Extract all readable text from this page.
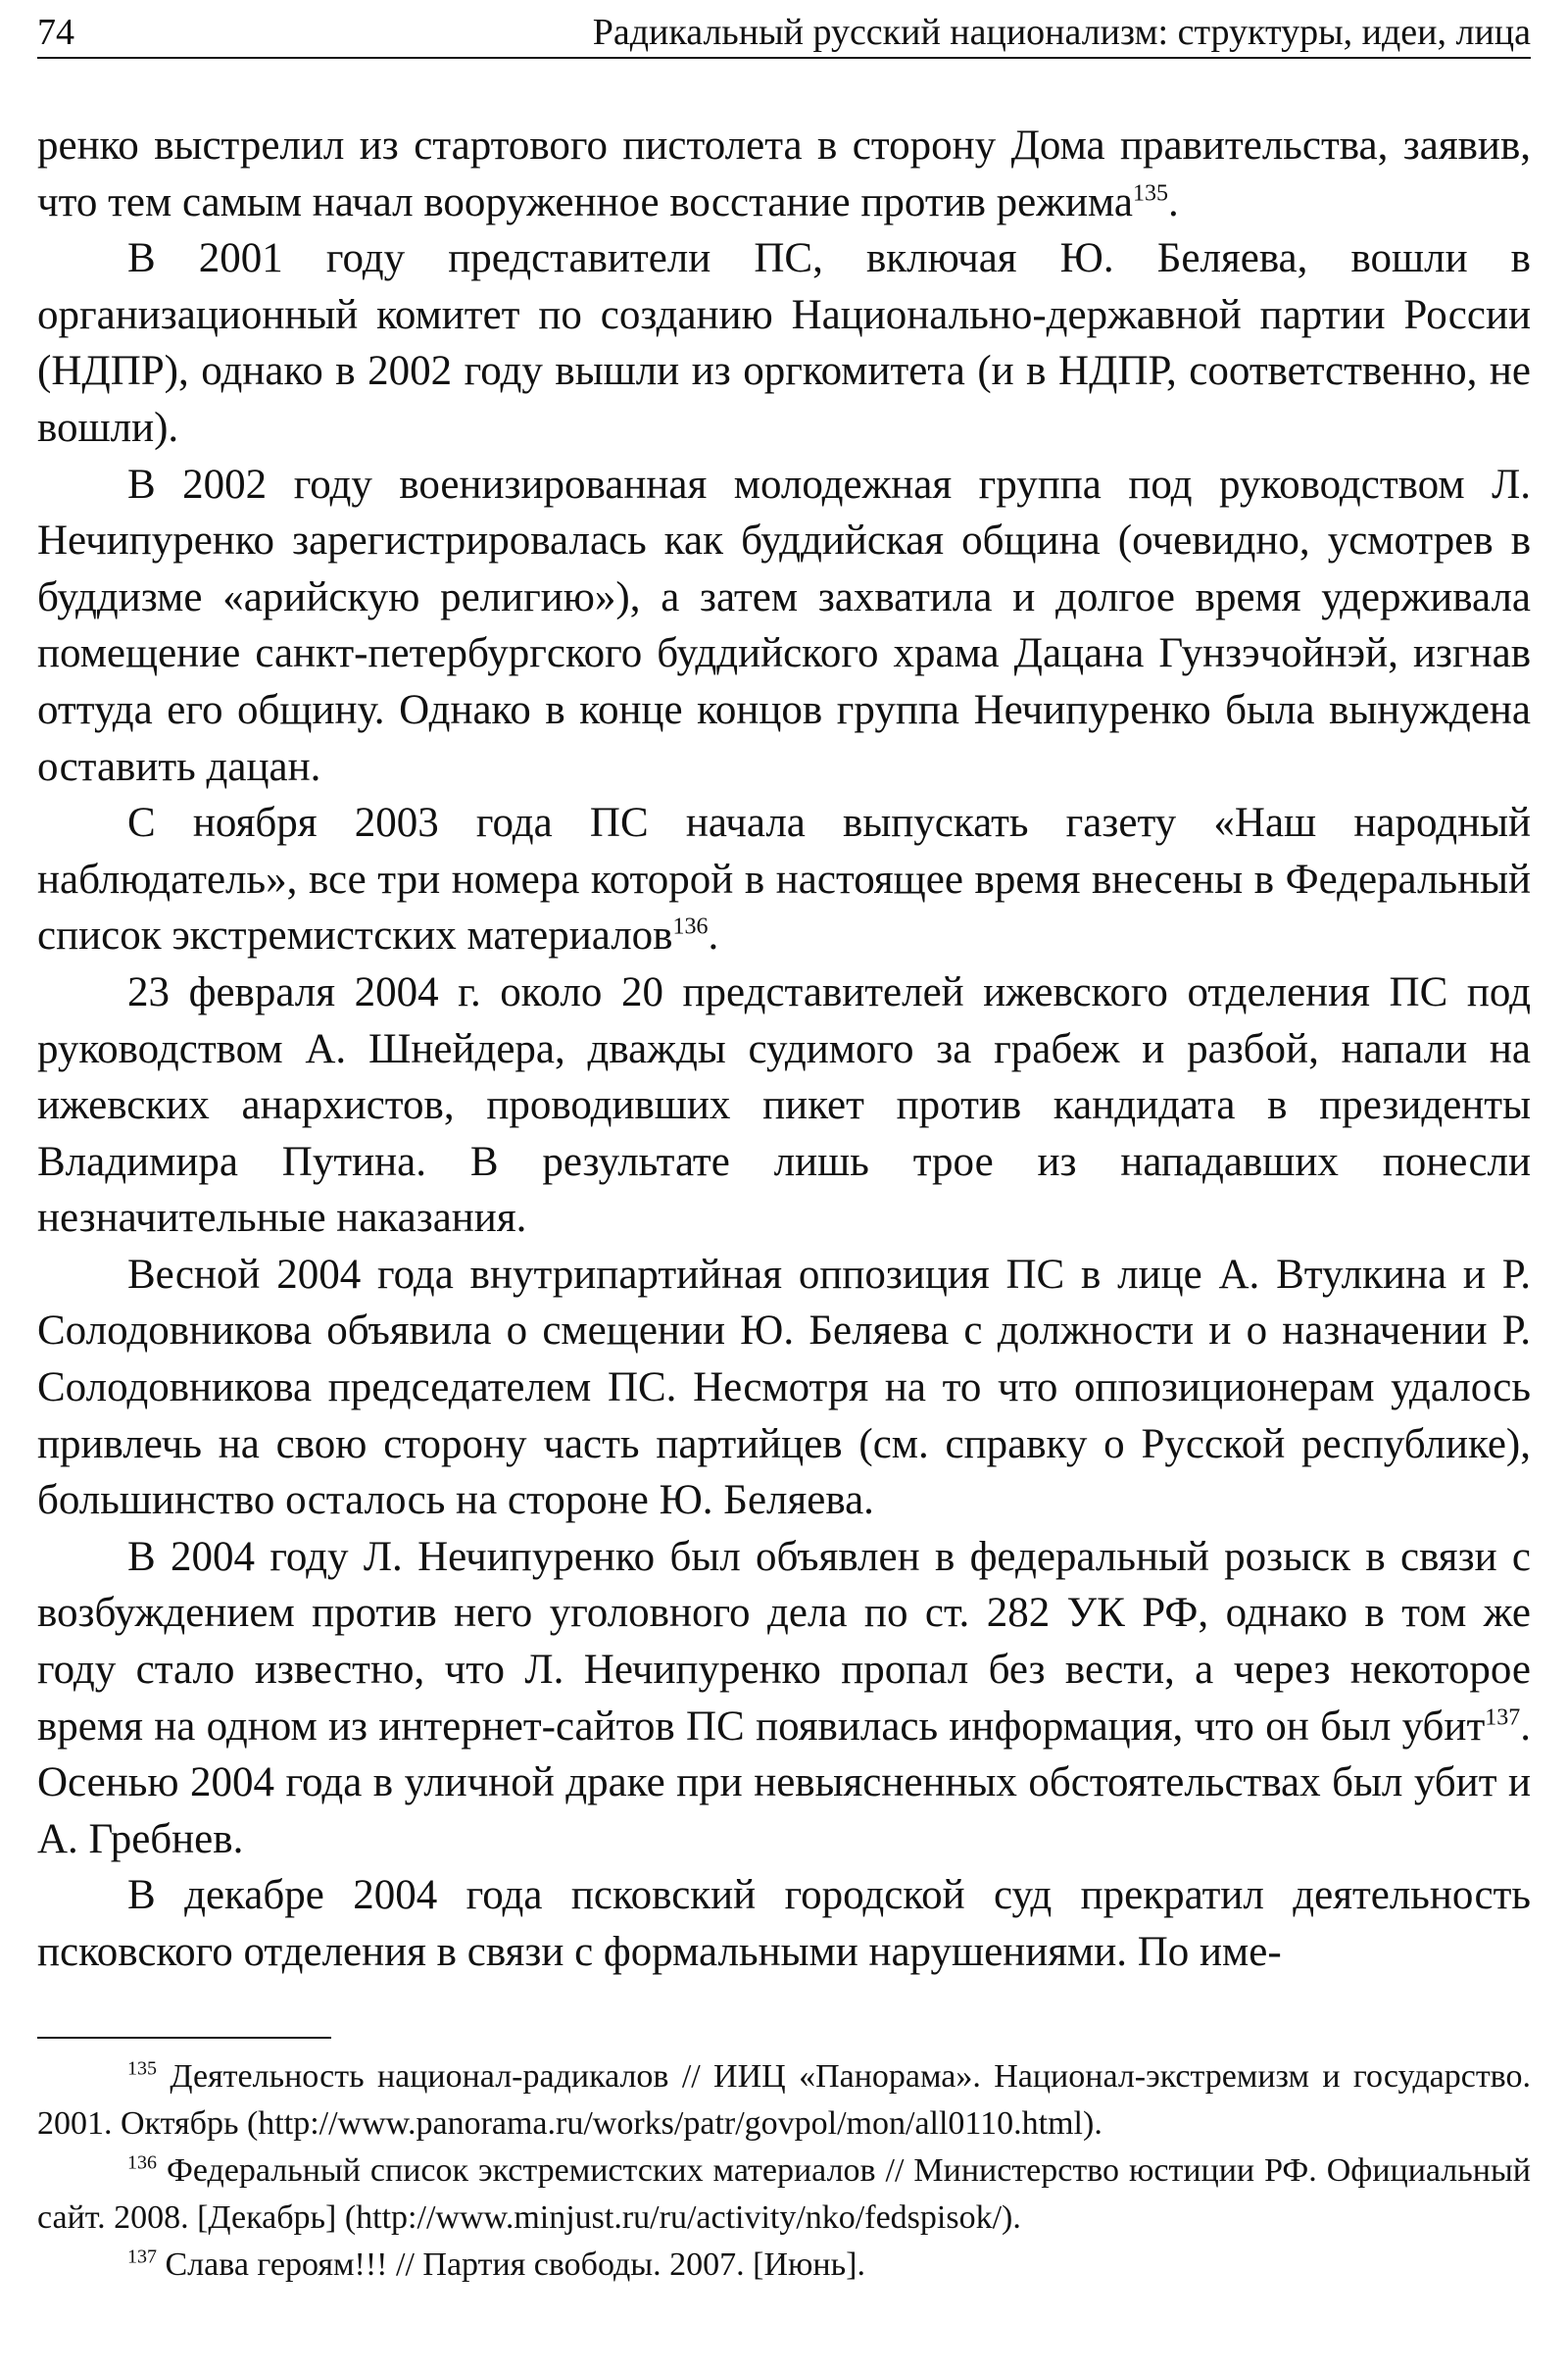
74	Радикальный русский национализм: структуры, идеи, лица

ренко выстрелил из стартового пистолета в сторону Дома правительства, заявив, что тем самым начал вооруженное восстание против режима$^{135}$.

В 2001 году представители ПС, включая Ю. Беляева, вошли в организационный комитет по созданию Национально-державной партии России (НДПР), однако в 2002 году вышли из оргкомитета (и в НДПР, соответственно, не вошли).

В 2002 году военизированная молодежная группа под руководством Л. Нечипуренко зарегистрировалась как буддийская община (очевидно, усмотрев в буддизме «арийскую религию»), а затем захватила и долгое время удерживала помещение санкт-петербургского буддийского храма Дацана Гунзэчойнэй, изгнав оттуда его общину. Однако в конце концов группа Нечипуренко была вынуждена оставить дацан.

С ноября 2003 года ПС начала выпускать газету «Наш народный наблюдатель», все три номера которой в настоящее время внесены в Федеральный список экстремистских материалов$^{136}$.

23 февраля 2004 г. около 20 представителей ижевского отделения ПС под руководством А. Шнейдера, дважды судимого за грабеж и разбой, напали на ижевских анархистов, проводивших пикет против кандидата в президенты Владимира Путина. В результате лишь трое из нападавших понесли незначительные наказания.

Весной 2004 года внутрипартийная оппозиция ПС в лице А. Втулкина и Р. Солодовникова объявила о смещении Ю. Беляева с должности и о назначении Р. Солодовникова председателем ПС. Несмотря на то что оппозиционерам удалось привлечь на свою сторону часть партийцев (см. справку о Русской республике), большинство осталось на стороне Ю. Беляева.

В 2004 году Л. Нечипуренко был объявлен в федеральный розыск в связи с возбуждением против него уголовного дела по ст. 282 УК РФ, однако в том же году стало известно, что Л. Нечипуренко пропал без вести, а через некоторое время на одном из интернет-сайтов ПС появилась информация, что он был убит$^{137}$. Осенью 2004 года в уличной драке при невыясненных обстоятельствах был убит и А. Гребнев.

В декабре 2004 года псковский городской суд прекратил деятельность псковского отделения в связи с формальными нарушениями. По име-

$^{135}$ Деятельность национал-радикалов // ИИЦ «Панорама». Национал-экстремизм и государство. 2001. Октябрь (http://www.panorama.ru/works/patr/govpol/mon/all0110.html).

$^{136}$ Федеральный список экстремистских материалов // Министерство юстиции РФ. Официальный сайт. 2008. [Декабрь] (http://www.minjust.ru/ru/activity/nko/fedspisok/).

$^{137}$ Слава героям!!! // Партия свободы. 2007. [Июнь].
